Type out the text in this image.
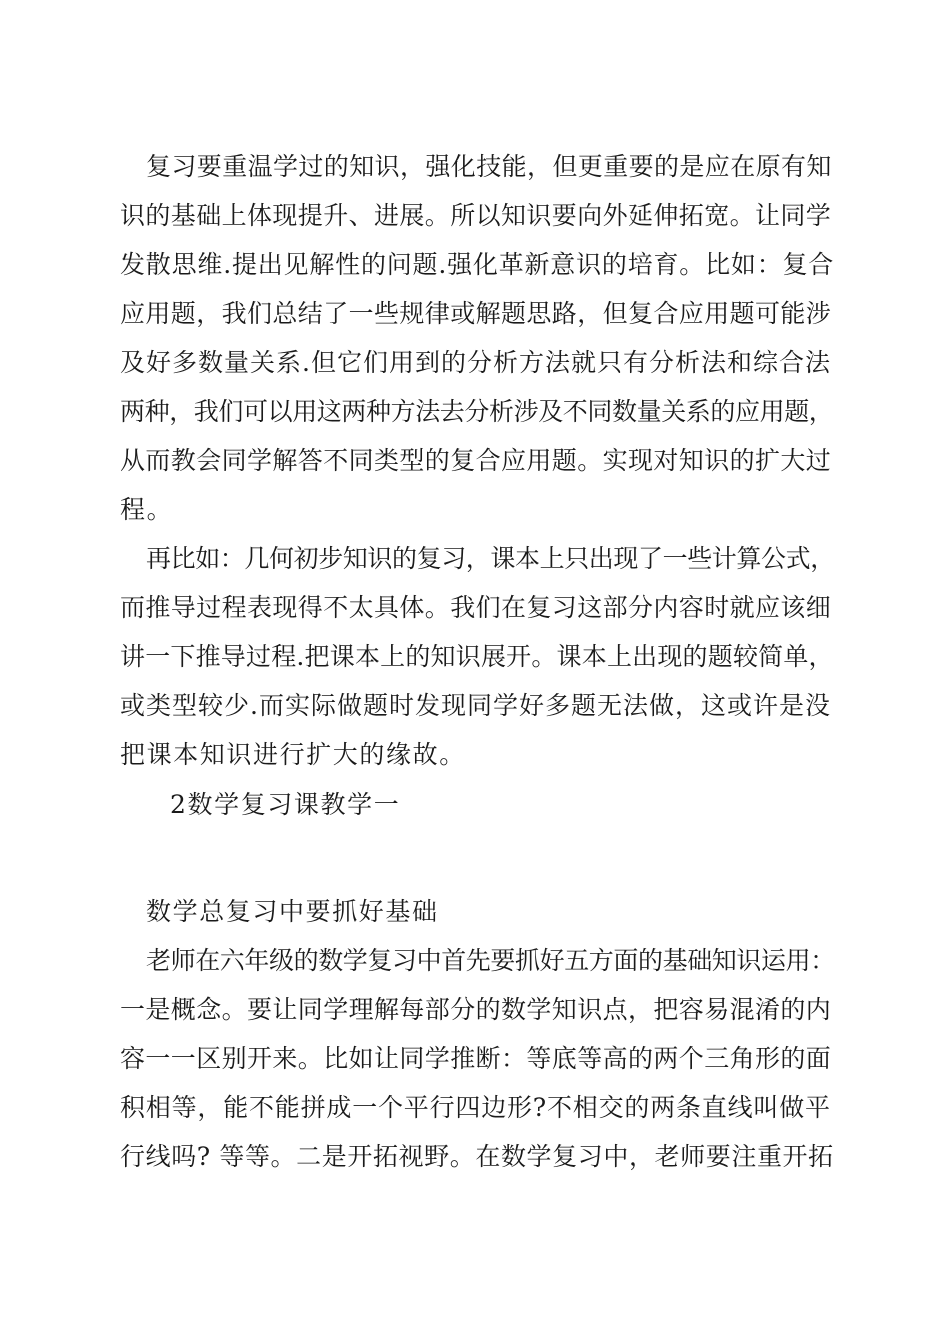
复习要重温学过的知识，强化技能，但更重要的是应在原有知
识的基础上体现提升、进展。所以知识要向外延伸拓宽。让同学
发散思维.提出见解性的问题.强化革新意识的培育。比如：复合
应用题，我们总结了一些规律或解题思路，但复合应用题可能涉
及好多数量关系.但它们用到的分析方法就只有分析法和综合法
两种，我们可以用这两种方法去分析涉及不同数量关系的应用题，
从而教会同学解答不同类型的复合应用题。实现对知识的扩大过
程。
再比如：几何初步知识的复习，课本上只出现了一些计算公式，
而推导过程表现得不太具体。我们在复习这部分内容时就应该细
讲一下推导过程.把课本上的知识展开。课本上出现的题较简单，
或类型较少.而实际做题时发现同学好多题无法做，这或许是没
把课本知识进行扩大的缘故。
2数学复习课教学一
数学总复习中要抓好基础
老师在六年级的数学复习中首先要抓好五方面的基础知识运用：
一是概念。要让同学理解每部分的数学知识点，把容易混淆的内
容一一区别开来。比如让同学推断：等底等高的两个三角形的面
积相等，能不能拼成一个平行四边形?不相交的两条直线叫做平
行线吗? 等等。二是开拓视野。在数学复习中，老师要注重开拓
